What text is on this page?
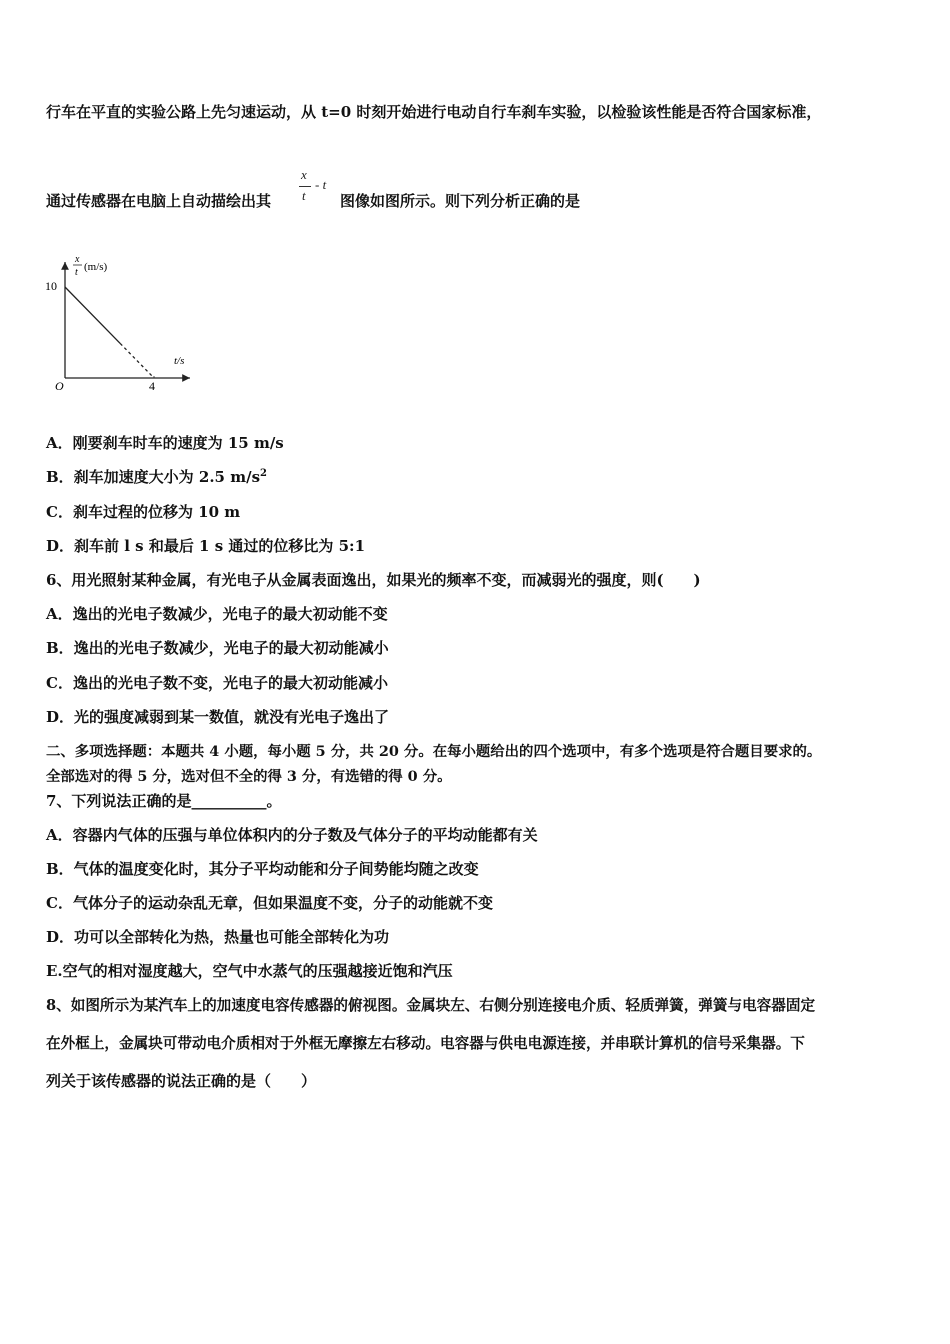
行车在平直的实验公路上先匀速运动，从 t=0 时刻开始进行电动自行车刹车实验，以检验该性能是否符合国家标准，
通过传感器在电脑上自动描绘出其
x
t
- t
图像如图所示。则下列分析正确的是
x
t (m/s)
t/s
O
10
4
A．刚要刹车时车的速度为 15 m/s
B．刹车加速度大小为 2.5 $m/s^2$
C．刹车过程的位移为 10 m
D．刹车前 l s 和最后 1 s 通过的位移比为 5:1
6、用光照射某种金属，有光电子从金属表面逸出，如果光的频率不变，而减弱光的强度，则(　　)
A．逸出的光电子数减少，光电子的最大初动能不变
B．逸出的光电子数减少，光电子的最大初动能减小
C．逸出的光电子数不变，光电子的最大初动能减小
D．光的强度减弱到某一数值，就没有光电子逸出了
二、多项选择题：本题共 4 小题，每小题 5 分，共 20 分。在每小题给出的四个选项中，有多个选项是符合题目要求的。
全部选对的得 5 分，选对但不全的得 3 分，有选错的得 0 分。
7、下列说法正确的是__________。
A．容器内气体的压强与单位体积内的分子数及气体分子的平均动能都有关
B．气体的温度变化时，其分子平均动能和分子间势能均随之改变
C．气体分子的运动杂乱无章，但如果温度不变，分子的动能就不变
D．功可以全部转化为热，热量也可能全部转化为功
E.空气的相对湿度越大，空气中水蒸气的压强越接近饱和汽压
8、如图所示为某汽车上的加速度电容传感器的俯视图。金属块左、右侧分别连接电介质、轻质弹簧，弹簧与电容器固定
在外框上，金属块可带动电介质相对于外框无摩擦左右移动。电容器与供电电源连接，并串联计算机的信号采集器。下
列关于该传感器的说法正确的是（　　）
